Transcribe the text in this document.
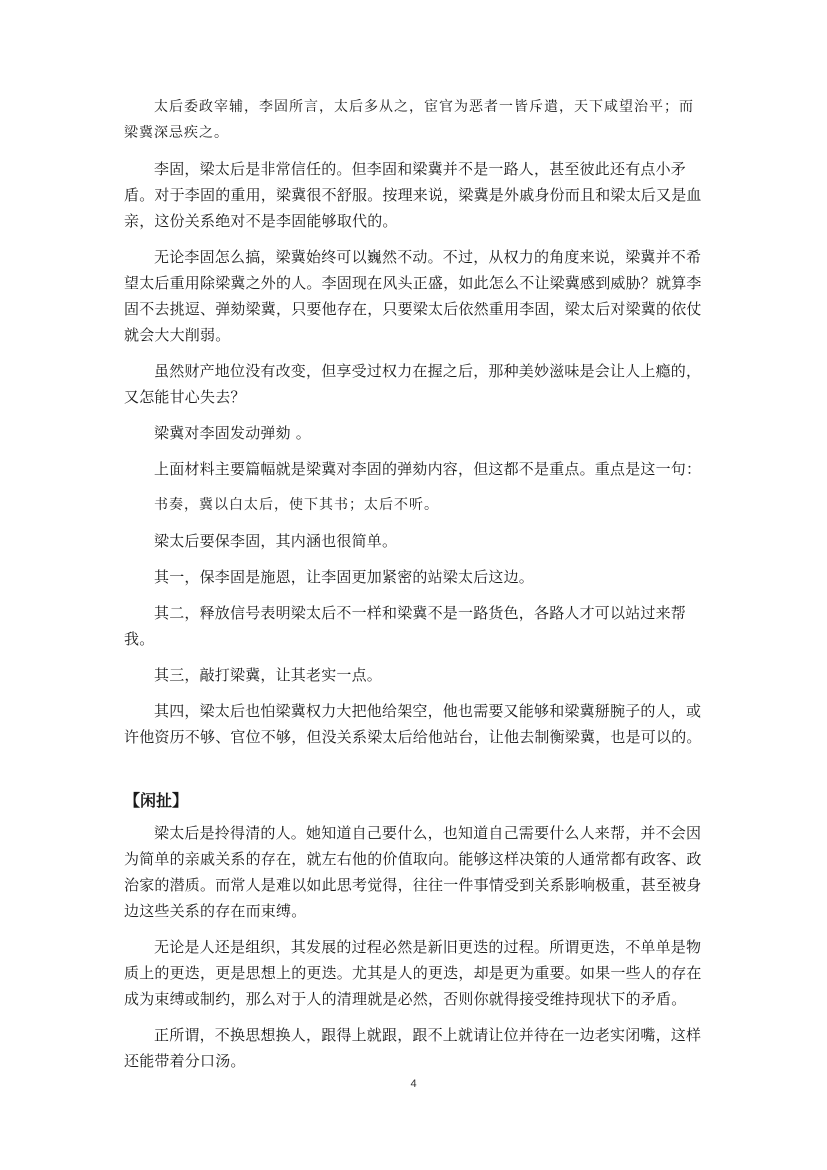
太后委政宰辅，李固所言，太后多从之，宦官为恶者一皆斥遣，天下咸望治平；而梁冀深忌疾之。

李固，梁太后是非常信任的。但李固和梁冀并不是一路人，甚至彼此还有点小矛盾。对于李固的重用，梁冀很不舒服。按理来说，梁冀是外戚身份而且和梁太后又是血亲，这份关系绝对不是李固能够取代的。

无论李固怎么搞，梁冀始终可以巍然不动。不过，从权力的角度来说，梁冀并不希望太后重用除梁冀之外的人。李固现在风头正盛，如此怎么不让梁冀感到威胁？就算李固不去挑逗、弹劾梁冀，只要他存在，只要梁太后依然重用李固，梁太后对梁冀的依仗就会大大削弱。

虽然财产地位没有改变，但享受过权力在握之后，那种美妙滋味是会让人上瘾的，又怎能甘心失去？

梁冀对李固发动弹劾 。

上面材料主要篇幅就是梁冀对李固的弹劾内容，但这都不是重点。重点是这一句：

书奏，冀以白太后，使下其书；太后不听。

梁太后要保李固，其内涵也很简单。

其一，保李固是施恩，让李固更加紧密的站梁太后这边。

其二，释放信号表明梁太后不一样和梁冀不是一路货色，各路人才可以站过来帮我。

其三，敲打梁冀，让其老实一点。

其四，梁太后也怕梁冀权力大把他给架空，他也需要又能够和梁冀掰腕子的人，或许他资历不够、官位不够，但没关系梁太后给他站台，让他去制衡梁冀，也是可以的。

【闲扯】

梁太后是拎得清的人。她知道自己要什么，也知道自己需要什么人来帮，并不会因为简单的亲戚关系的存在，就左右他的价值取向。能够这样决策的人通常都有政客、政治家的潜质。而常人是难以如此思考觉得，往往一件事情受到关系影响极重，甚至被身边这些关系的存在而束缚。

无论是人还是组织，其发展的过程必然是新旧更迭的过程。所谓更迭，不单单是物质上的更迭，更是思想上的更迭。尤其是人的更迭，却是更为重要。如果一些人的存在成为束缚或制约，那么对于人的清理就是必然，否则你就得接受维持现状下的矛盾。

正所谓，不换思想换人，跟得上就跟，跟不上就请让位并待在一边老实闭嘴，这样还能带着分口汤。

4
